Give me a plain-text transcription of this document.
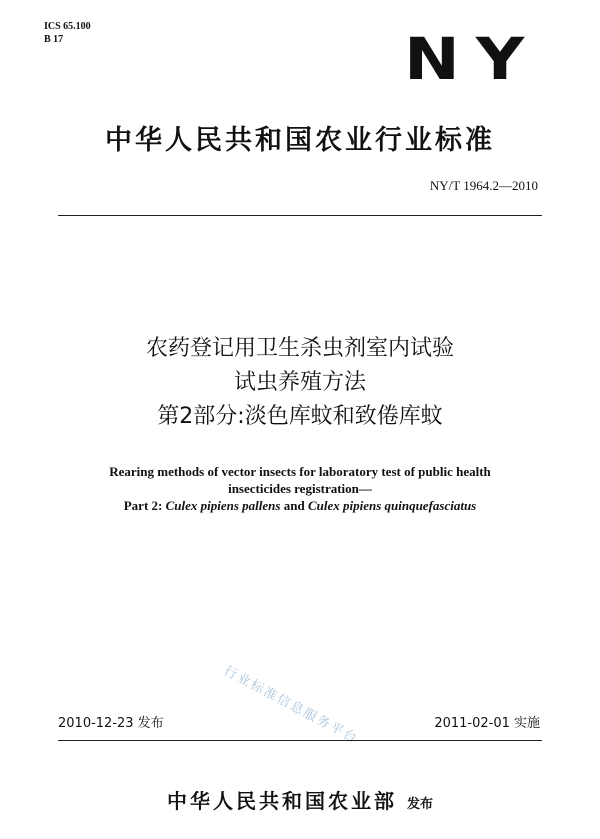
ICS 65.100
B 17	NY
中华人民共和国农业行业标准
NY/T 1964.2—2010
农药登记用卫生杀虫剂室内试验
试虫养殖方法
第2部分:淡色库蚊和致倦库蚊
Rearing methods of vector insects for laboratory test of public health
insecticides registration—
Part 2: Culex pipiens pallens and Culex pipiens quinquefasciatus
行业标准信息服务平台
2010-12-23 发布	2011-02-01 实施
中华人民共和国农业部 发布
